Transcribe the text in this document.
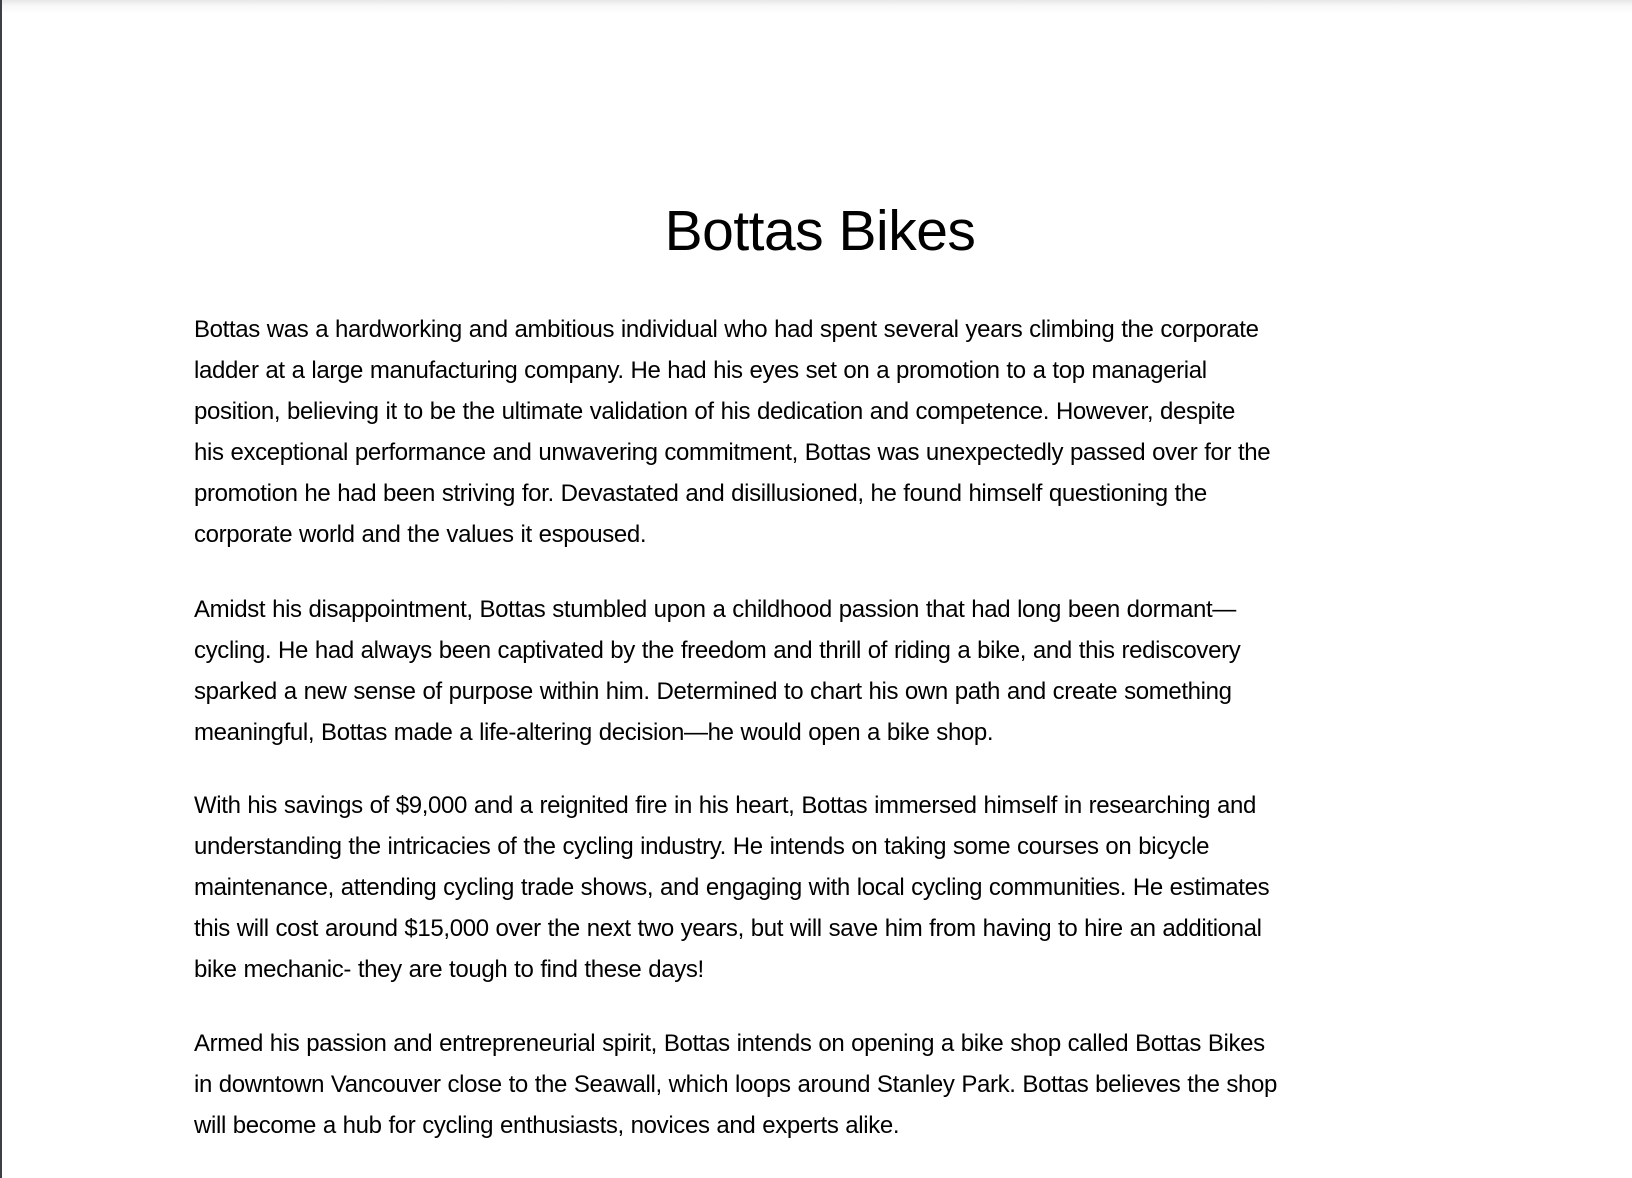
Bottas Bikes
Bottas was a hardworking and ambitious individual who had spent several years climbing the corporate
ladder at a large manufacturing company. He had his eyes set on a promotion to a top managerial
position, believing it to be the ultimate validation of his dedication and competence. However, despite
his exceptional performance and unwavering commitment, Bottas was unexpectedly passed over for the
promotion he had been striving for. Devastated and disillusioned, he found himself questioning the
corporate world and the values it espoused.
Amidst his disappointment, Bottas stumbled upon a childhood passion that had long been dormant—
cycling. He had always been captivated by the freedom and thrill of riding a bike, and this rediscovery
sparked a new sense of purpose within him. Determined to chart his own path and create something
meaningful, Bottas made a life-altering decision—he would open a bike shop.
With his savings of $9,000 and a reignited fire in his heart, Bottas immersed himself in researching and
understanding the intricacies of the cycling industry. He intends on taking some courses on bicycle
maintenance, attending cycling trade shows, and engaging with local cycling communities. He estimates
this will cost around $15,000 over the next two years, but will save him from having to hire an additional
bike mechanic- they are tough to find these days!
Armed his passion and entrepreneurial spirit, Bottas intends on opening a bike shop called Bottas Bikes
in downtown Vancouver close to the Seawall, which loops around Stanley Park. Bottas believes the shop
will become a hub for cycling enthusiasts, novices and experts alike.
